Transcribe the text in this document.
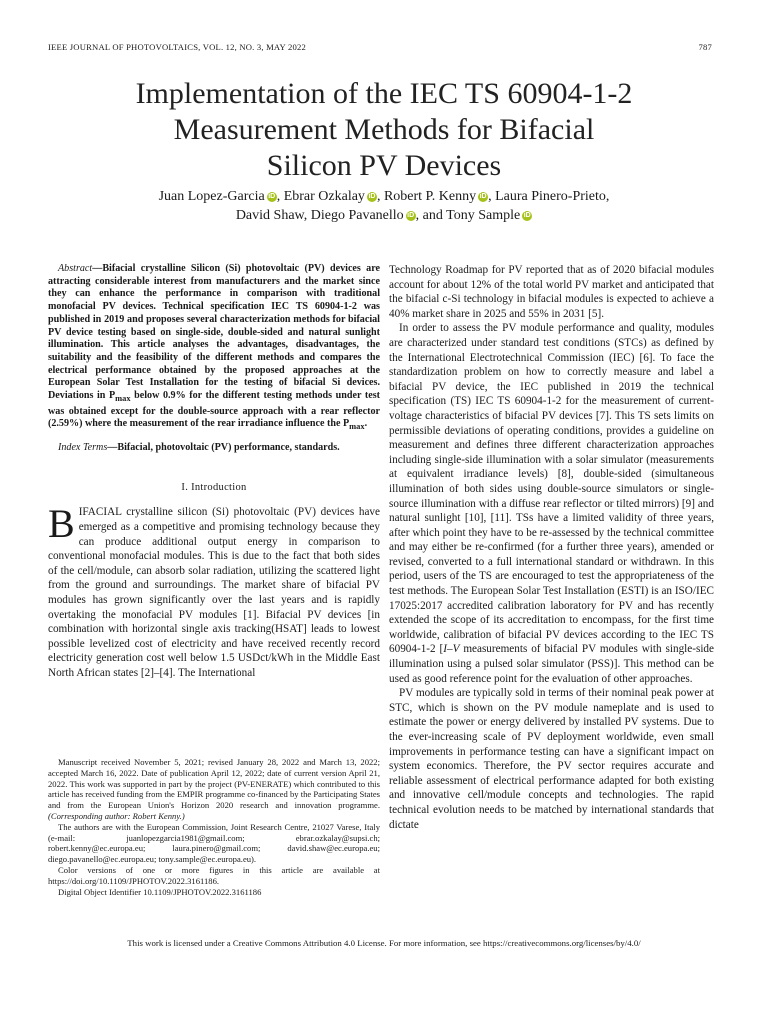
IEEE JOURNAL OF PHOTOVOLTAICS, VOL. 12, NO. 3, MAY 2022	787
Implementation of the IEC TS 60904-1-2
Measurement Methods for Bifacial
Silicon PV Devices
Juan Lopez-Garcia iD , Ebrar Ozkalay iD , Robert P. Kenny iD , Laura Pinero-Prieto,
David Shaw, Diego Pavanello iD , and Tony Sample iD

Abstract—Bifacial crystalline Silicon (Si) photovoltaic (PV) devices are attracting considerable interest from manufacturers and the market since they can enhance the performance in comparison with traditional monofacial PV devices. Technical specification IEC TS 60904-1-2 was published in 2019 and proposes several characterization methods for bifacial PV device testing based on single-side, double-sided and natural sunlight illumination. This article analyses the advantages, disadvantages, the suitability and the feasibility of the different methods and compares the electrical performance obtained by the proposed approaches at the European Solar Test Installation for the testing of bifacial Si devices. Deviations in $P_{max}$ below 0.9% for the different testing methods under test was obtained except for the double-source approach with a rear reflector (2.59%) where the measurement of the rear irradiance influence the $P_{max}$.

Index Terms—Bifacial, photovoltaic (PV) performance, standards.

I. Introduction

BIFACIAL crystalline silicon (Si) photovoltaic (PV) devices have emerged as a competitive and promising technology because they can produce additional output energy in comparison to conventional monofacial modules. This is due to the fact that both sides of the cell/module, can absorb solar radiation, utilizing the scattered light from the ground and surroundings. The market share of bifacial PV modules has grown significantly over the last years and is rapidly overtaking the monofacial PV modules [1]. Bifacial PV devices [in combination with horizontal single axis tracking(HSAT] leads to lowest possible levelized cost of electricity and have received recently record electricity generation cost well below 1.5 USDct/kWh in the Middle East North African states [2]–[4]. The International

Manuscript received November 5, 2021; revised January 28, 2022 and March 13, 2022; accepted March 16, 2022. Date of publication April 12, 2022; date of current version April 21, 2022. This work was supported in part by the project (PV-ENERATE) which contributed to this article has received funding from the EMPIR programme co-financed by the Participating States and from the European Union's Horizon 2020 research and innovation programme. (Corresponding author: Robert Kenny.)

The authors are with the European Commission, Joint Research Centre, 21027 Varese, Italy (e-mail: juanlopezgarcia1981@gmail.com; ebrar.ozkalay@supsi.ch; robert.kenny@ec.europa.eu; laura.pinero@gmail.com; david.shaw@ec.europa.eu; diego.pavanello@ec.europa.eu; tony.sample@ec.europa.eu).

Color versions of one or more figures in this article are available at https://doi.org/10.1109/JPHOTOV.2022.3161186.

Digital Object Identifier 10.1109/JPHOTOV.2022.3161186

Technology Roadmap for PV reported that as of 2020 bifacial modules account for about 12% of the total world PV market and anticipated that the bifacial c-Si technology in bifacial modules is expected to achieve a 40% market share in 2025 and 55% in 2031 [5].

In order to assess the PV module performance and quality, modules are characterized under standard test conditions (STCs) as defined by the International Electrotechnical Commission (IEC) [6]. To face the standardization problem on how to correctly measure and label a bifacial PV device, the IEC published in 2019 the technical specification (TS) IEC TS 60904-1-2 for the measurement of current-voltage characteristics of bifacial PV devices [7]. This TS sets limits on permissible deviations of operating conditions, provides a guideline on measurement and defines three different characterization approaches including single-side illumination with a solar simulator (measurements at equivalent irradiance levels) [8], double-sided (simultaneous illumination of both sides using double-source simulators or single-source illumination with a diffuse rear reflector or tilted mirrors) [9] and natural sunlight [10], [11]. TSs have a limited validity of three years, after which point they have to be re-assessed by the technical committee and may either be re-confirmed (for a further three years), amended or revised, converted to a full international standard or withdrawn. In this period, users of the TS are encouraged to test the appropriateness of the test methods. The European Solar Test Installation (ESTI) is an ISO/IEC 17025:2017 accredited calibration laboratory for PV and has recently extended the scope of its accreditation to encompass, for the first time worldwide, calibration of bifacial PV devices according to the IEC TS 60904-1-2 [I–V measurements of bifacial PV modules with single-side illumination using a pulsed solar simulator (PSS)]. This method can be used as good reference point for the evaluation of other approaches.

PV modules are typically sold in terms of their nominal peak power at STC, which is shown on the PV module nameplate and is used to estimate the power or energy delivered by installed PV systems. Due to the ever-increasing scale of PV deployment worldwide, even small improvements in performance testing can have a significant impact on system economics. Therefore, the PV sector requires accurate and reliable assessment of electrical performance adapted for both existing and innovative cell/module concepts and technologies. The rapid technical evolution needs to be matched by international standards that dictate

This work is licensed under a Creative Commons Attribution 4.0 License. For more information, see https://creativecommons.org/licenses/by/4.0/
